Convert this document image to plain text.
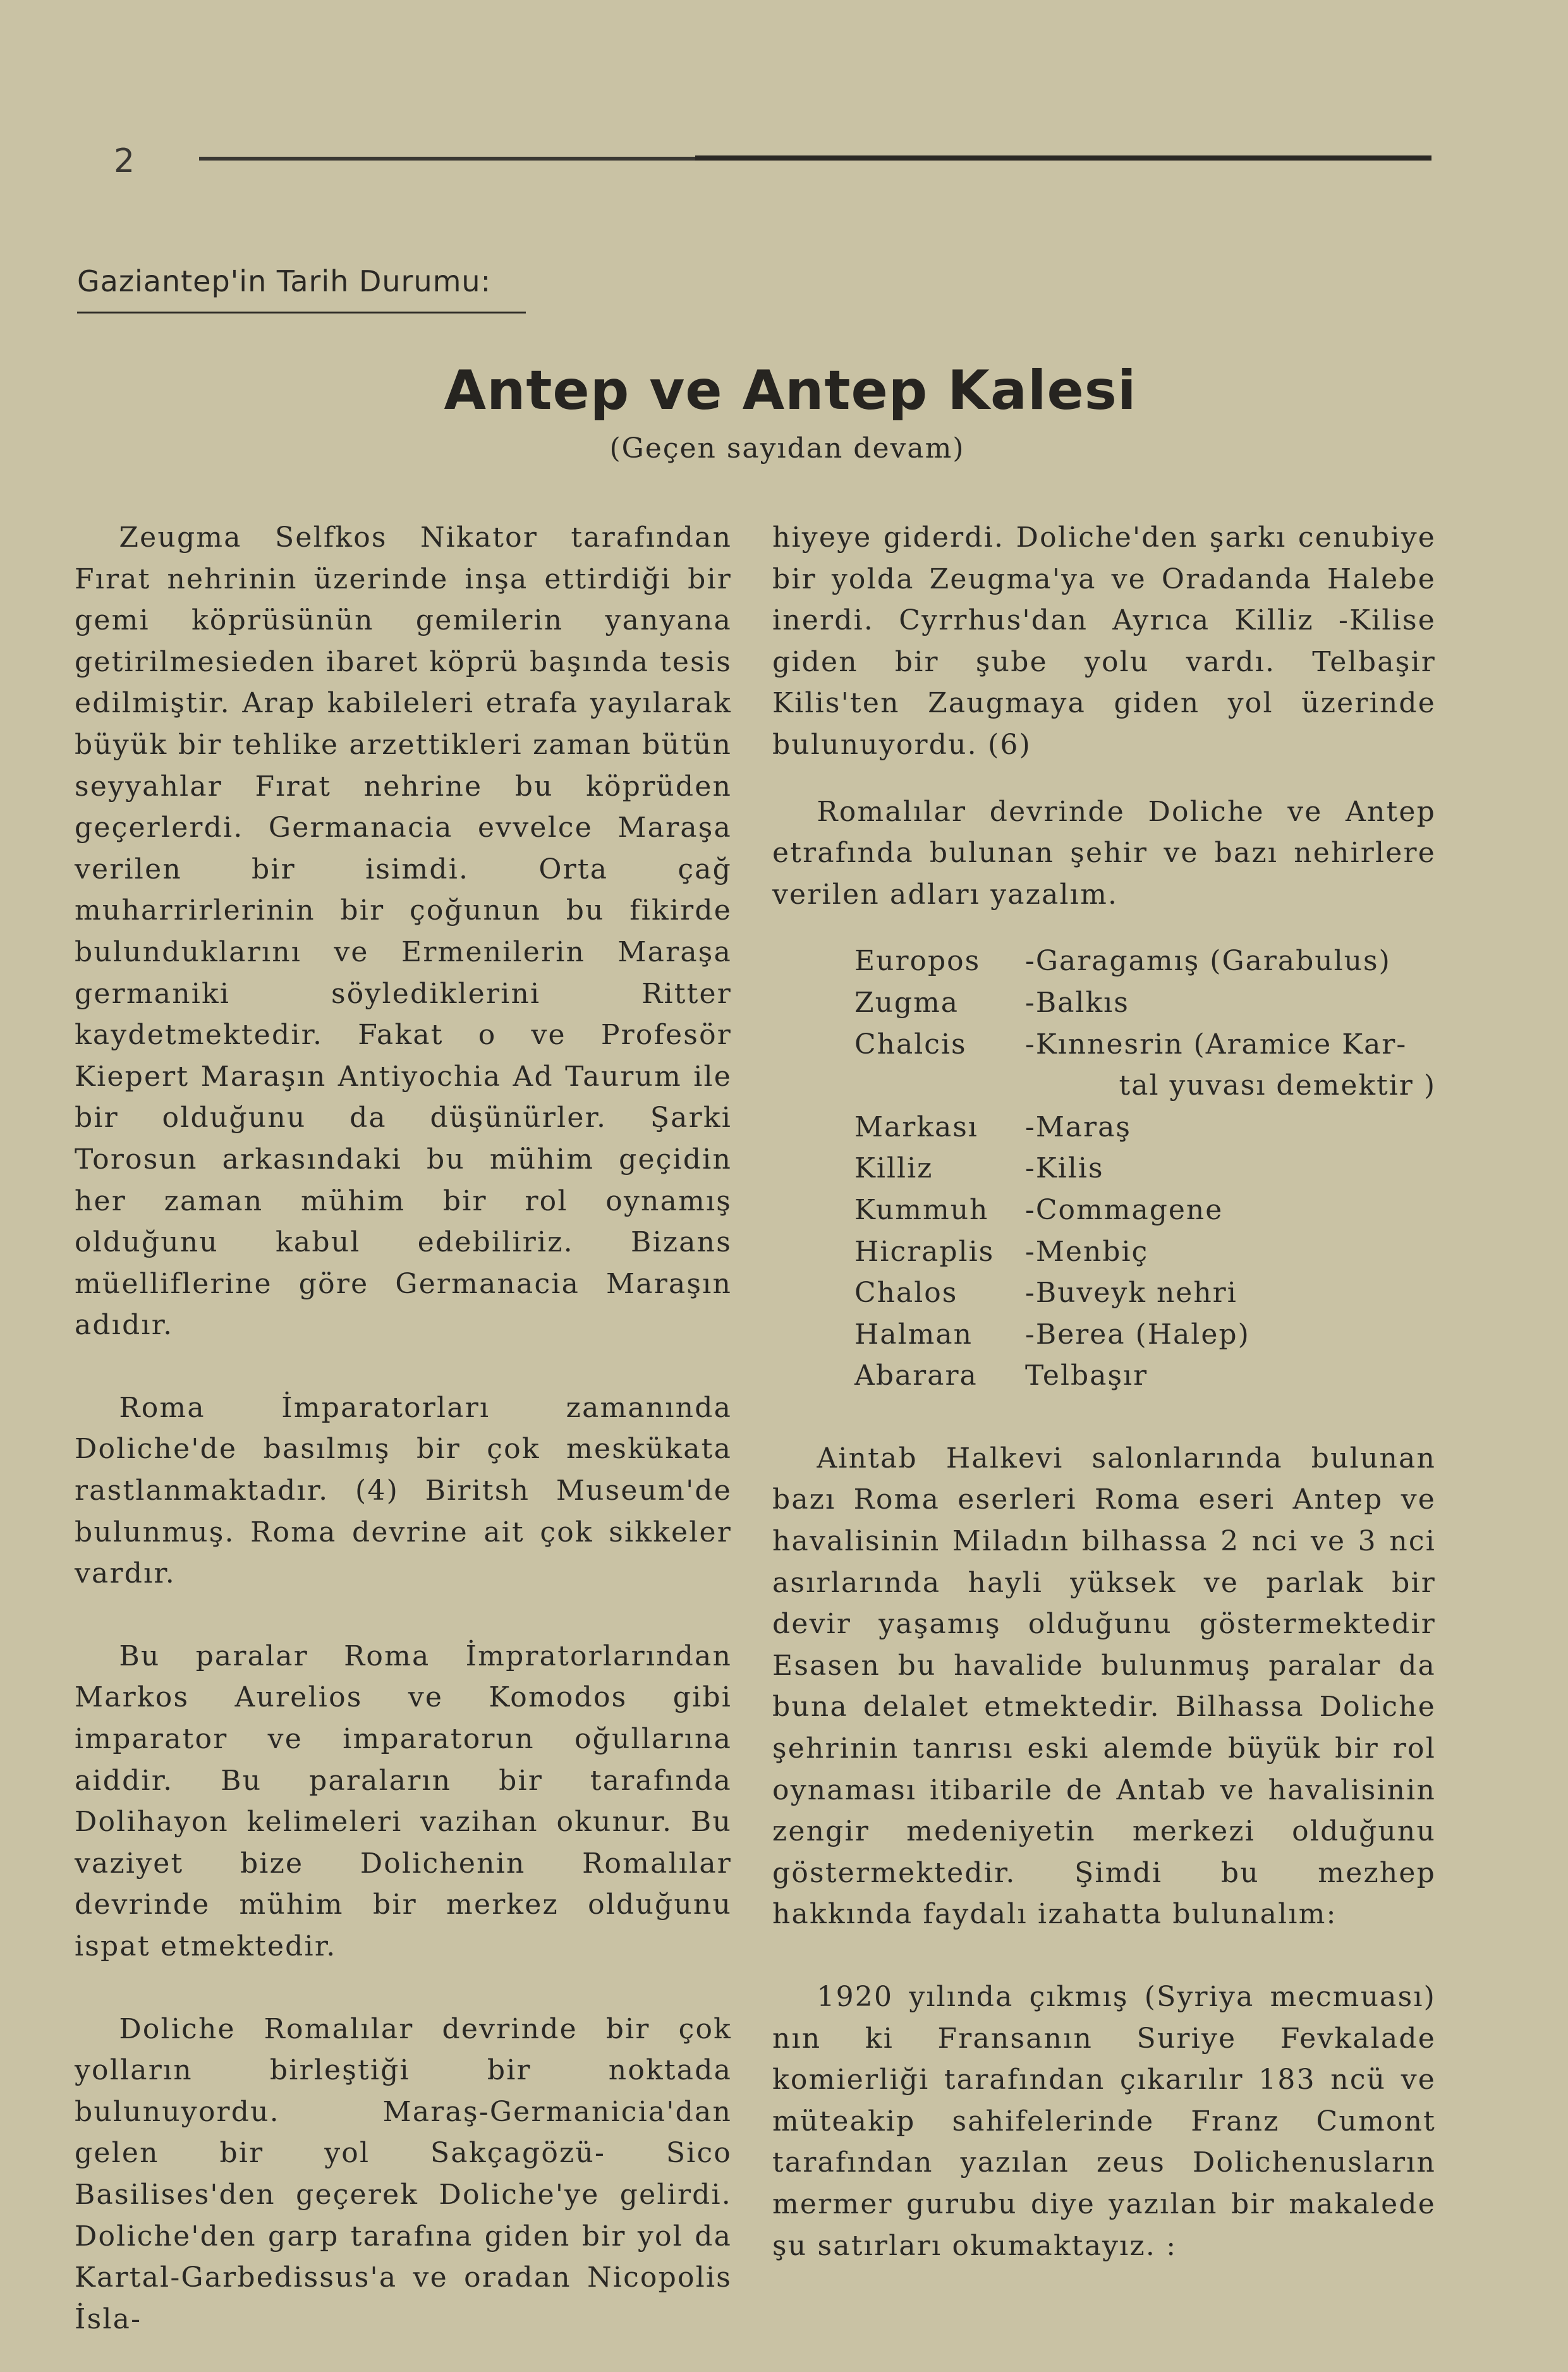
2
Gaziantep'in Tarih Durumu:
Antep ve Antep Kalesi
(Geçen sayıdan devam)

Zeugma Selfkos Nikator tarafından Fırat nehrinin üzerinde inşa ettirdiği bir gemi köprüsünün gemilerin yanyana getirilmesieden ibaret köprü başında tesis edilmiştir. Arap kabileleri etrafa yayılarak büyük bir tehlike arzettikleri zaman bütün seyyahlar Fırat nehrine bu köprüden geçerlerdi. Germanacia evvelce Maraşa verilen bir isimdi. Orta çağ muharrirlerinin bir çoğunun bu fikirde bulunduklarını ve Ermenilerin Maraşa germaniki söylediklerini Ritter kaydetmektedir. Fakat o ve Profesör Kiepert Maraşın Antiyochia Ad Taurum ile bir olduğunu da düşünürler. Şarki Torosun arkasındaki bu mühim geçidin her zaman mühim bir rol oynamış olduğunu kabul edebiliriz. Bizans müelliflerine göre Germanacia Maraşın adıdır.

Roma İmparatorları zamanında Doliche'de basılmış bir çok meskükata rastlanmaktadır. (4) Biritsh Museum'de bulunmuş. Roma devrine ait çok sikkeler vardır.

Bu paralar Roma İmpratorlarından Markos Aurelios ve Komodos gibi imparator ve imparatorun oğullarına aiddir. Bu paraların bir tarafında Dolihayon kelimeleri vazihan okunur. Bu vaziyet bize Dolichenin Romalılar devrinde mühim bir merkez olduğunu ispat etmektedir.

Doliche Romalılar devrinde bir çok yolların birleştiği bir noktada bulunuyordu. Maraş-Germanicia'dan gelen bir yol Sakçagözü- Sico Basilises'den geçerek Doliche'ye gelirdi. Doliche'den garp tarafına giden bir yol da Kartal-Garbedissus'a ve oradan Nicopolis İsla-

hiyeye giderdi. Doliche'den şarkı cenubiye bir yolda Zeugma'ya ve Oradanda Halebe inerdi. Cyrrhus'dan Ayrıca Killiz -Kilise giden bir şube yolu vardı. Telbaşir Kilis'ten Zaugmaya giden yol üzerinde bulunuyordu. (6)

Romalılar devrinde Doliche ve Antep etrafında bulunan şehir ve bazı nehirlere verilen adları yazalım.

Europos	-Garagamış (Garabulus)
Zugma	-Balkıs
Chalcis	-Kınnesrin (Aramice Kar-
	tal yuvası demektir )
Markası	-Maraş
Killiz	-Kilis
Kummuh	-Commagene
Hicraplis	-Menbiç
Chalos	-Buveyk nehri
Halman	-Berea (Halep)
Abarara	Telbaşır

Aintab Halkevi salonlarında bulunan bazı Roma eserleri Roma eseri Antep ve havalisinin Miladın bilhassa 2 nci ve 3 nci asırlarında hayli yüksek ve parlak bir devir yaşamış olduğunu göstermektedir Esasen bu havalide bulunmuş paralar da buna delalet etmektedir. Bilhassa Doliche şehrinin tanrısı eski alemde büyük bir rol oynaması itibarile de Antab ve havalisinin zengir medeniyetin merkezi olduğunu göstermektedir. Şimdi bu mezhep hakkında faydalı izahatta bulunalım:

1920 yılında çıkmış (Syriya mecmuası) nın ki Fransanın Suriye Fevkalade komierliği tarafından çıkarılır 183 ncü ve müteakip sahifelerinde Franz Cumont tarafından yazılan zeus Dolichenusların mermer gurubu diye yazılan bir makalede şu satırları okumaktayız. :
